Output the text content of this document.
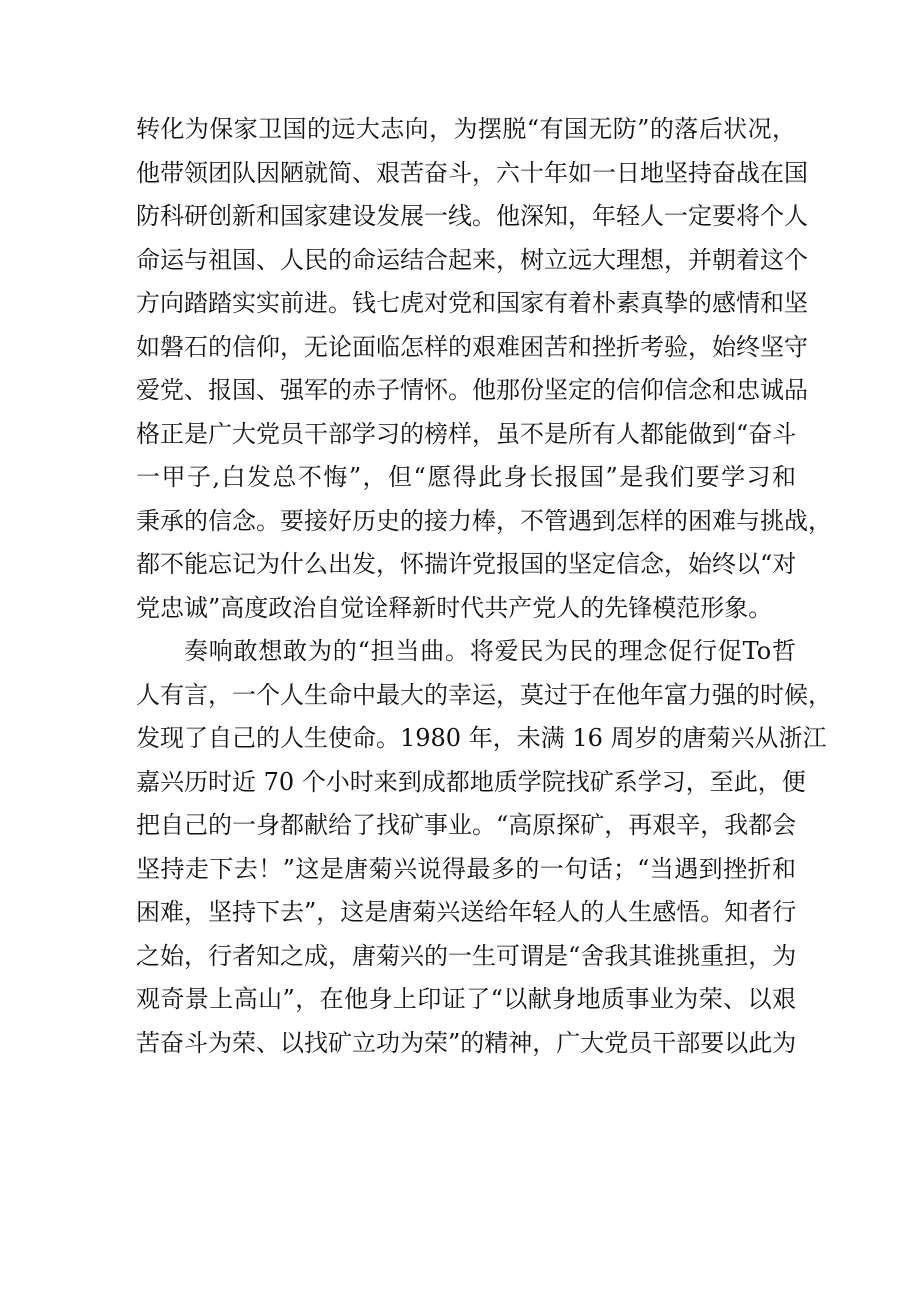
转化为保家卫国的远大志向，为摆脱“有国无防”的落后状况，
他带领团队因陋就简、艰苦奋斗，六十年如一日地坚持奋战在国
防科研创新和国家建设发展一线。他深知，年轻人一定要将个人
命运与祖国、人民的命运结合起来，树立远大理想，并朝着这个
方向踏踏实实前进。钱七虎对党和国家有着朴素真挚的感情和坚
如磐石的信仰，无论面临怎样的艰难困苦和挫折考验，始终坚守
爱党、报国、强军的赤子情怀。他那份坚定的信仰信念和忠诚品
格正是广大党员干部学习的榜样，虽不是所有人都能做到“奋斗
一甲子,白发总不悔”，但“愿得此身长报国”是我们要学习和
秉承的信念。要接好历史的接力棒，不管遇到怎样的困难与挑战，
都不能忘记为什么出发，怀揣许党报国的坚定信念，始终以“对
党忠诚”高度政治自觉诠释新时代共产党人的先锋模范形象。
奏响敢想敢为的“担当曲。将爱民为民的理念促行促To哲
人有言，一个人生命中最大的幸运，莫过于在他年富力强的时候，
发现了自己的人生使命。1980 年，未满 16 周岁的唐菊兴从浙江
嘉兴历时近 70 个小时来到成都地质学院找矿系学习，至此，便
把自己的一身都献给了找矿事业。“高原探矿，再艰辛，我都会
坚持走下去！”这是唐菊兴说得最多的一句话；“当遇到挫折和
困难，坚持下去”，这是唐菊兴送给年轻人的人生感悟。知者行
之始，行者知之成，唐菊兴的一生可谓是“舍我其谁挑重担，为
观奇景上高山”，在他身上印证了“以献身地质事业为荣、以艰
苦奋斗为荣、以找矿立功为荣”的精神，广大党员干部要以此为
